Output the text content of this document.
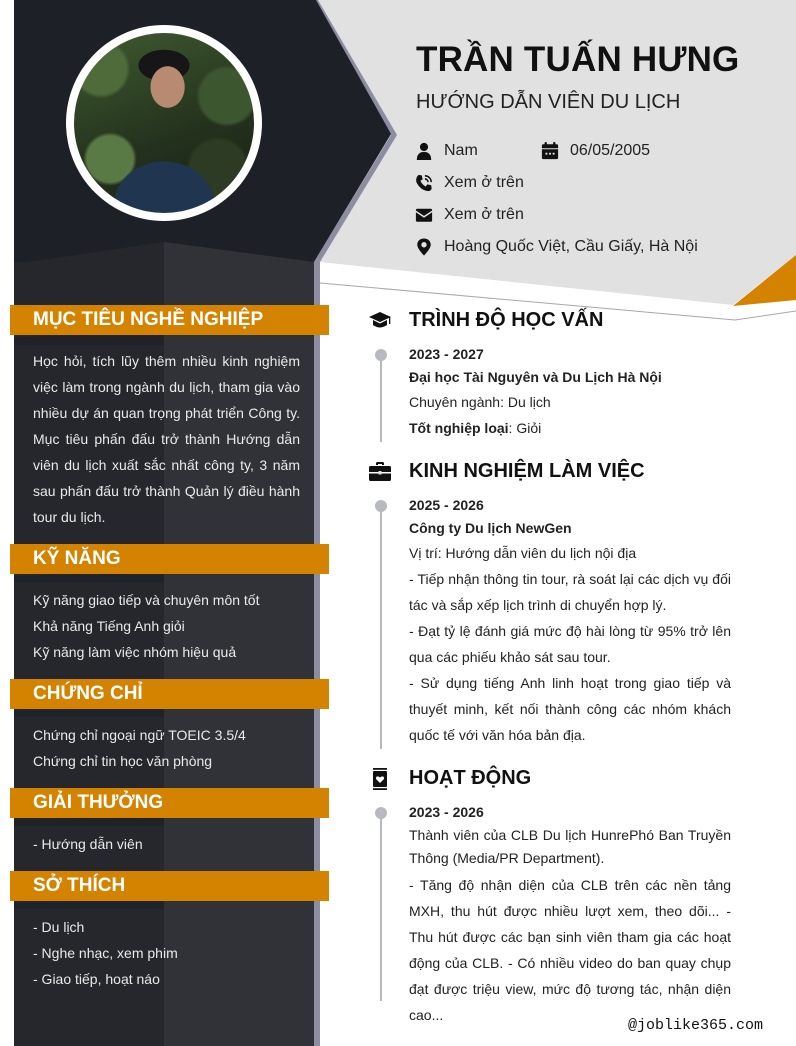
TRẦN TUẤN HƯNG
HƯỚNG DẪN VIÊN DU LỊCH
Nam	06/05/2005
Xem ở trên
Xem ở trên
Hoàng Quốc Việt, Cầu Giấy, Hà Nội
MỤC TIÊU NGHỀ NGHIỆP
Học hỏi, tích lũy thêm nhiều kinh nghiệm việc làm trong ngành du lịch, tham gia vào nhiều dự án quan trọng phát triển Công ty. Mục tiêu phấn đấu trở thành Hướng dẫn viên du lịch xuất sắc nhất công ty, 3 năm sau phấn đấu trở thành Quản lý điều hành tour du lịch.
KỸ NĂNG
Kỹ năng giao tiếp và chuyên môn tốt
Khả năng Tiếng Anh giỏi
Kỹ năng làm việc nhóm hiệu quả
CHỨNG CHỈ
Chứng chỉ ngoại ngữ TOEIC 3.5/4
Chứng chỉ tin học văn phòng
GIẢI THƯỞNG
- Hướng dẫn viên
SỞ THÍCH
- Du lịch
- Nghe nhạc, xem phim
- Giao tiếp, hoạt náo
TRÌNH ĐỘ HỌC VẤN
2023 - 2027
Đại học Tài Nguyên và Du Lịch Hà Nội
Chuyên ngành: Du lịch
Tốt nghiệp loại: Giỏi
KINH NGHIỆM LÀM VIỆC
2025 - 2026
Công ty Du lịch NewGen
Vị trí: Hướng dẫn viên du lịch nội địa
- Tiếp nhận thông tin tour, rà soát lại các dịch vụ đối tác và sắp xếp lịch trình di chuyển hợp lý.
- Đạt tỷ lệ đánh giá mức độ hài lòng từ 95% trở lên qua các phiếu khảo sát sau tour.
- Sử dụng tiếng Anh linh hoạt trong giao tiếp và thuyết minh, kết nối thành công các nhóm khách quốc tế với văn hóa bản địa.
HOẠT ĐỘNG
2023 - 2026
Thành viên của CLB Du lịch HunrePhó Ban Truyền Thông (Media/PR Department).
- Tăng độ nhận diện của CLB trên các nền tảng MXH, thu hút được nhiều lượt xem, theo dõi... - Thu hút được các bạn sinh viên tham gia các hoạt động của CLB. - Có nhiều video do ban quay chụp đạt được triệu view, mức độ tương tác, nhận diện cao...
@joblike365.com
